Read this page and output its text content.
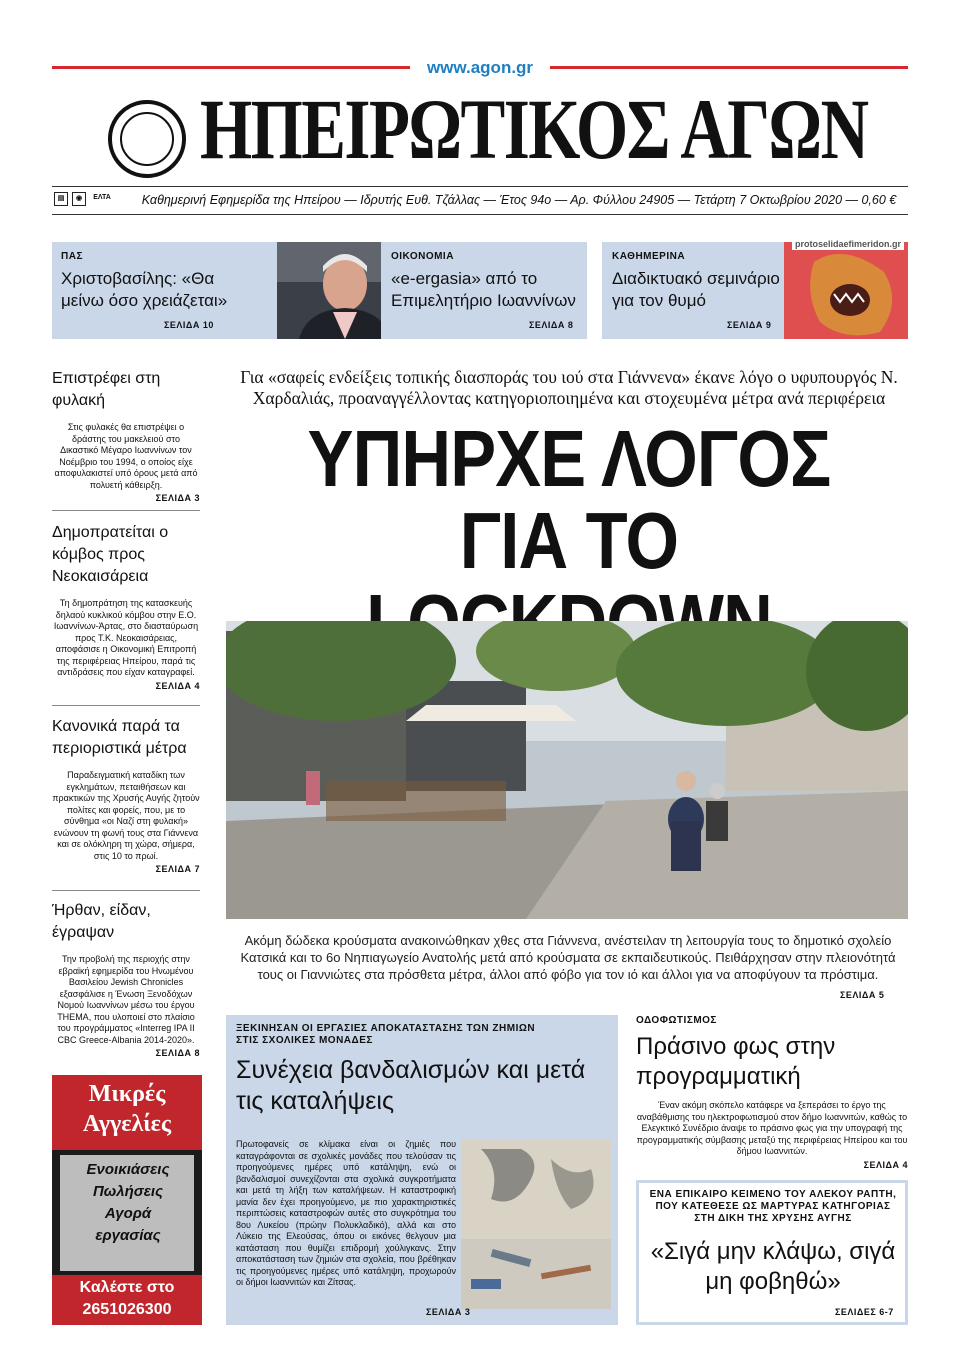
www.agon.gr
ΗΠΕΙΡΩΤΙΚΟΣ ΑΓΩΝ
▤	◉	ΕΛΤΑ	Καθημερινή Εφημερίδα της Ηπείρου — Ιδρυτής Ευθ. Τζάλλας — Έτος 94ο — Αρ. Φύλλου 24905 — Τετάρτη 7 Οκτωβρίου 2020 — 0,60 €
ΠΑΣ
Χριστοβασίλης: «Θα μείνω όσο χρειάζεται»
ΣΕΛΙΔΑ 10
ΟΙΚΟΝΟΜΙΑ
«e-ergasia» από το Επιμελητήριο Ιωαννίνων
ΣΕΛΙΔΑ 8
ΚΑΘΗΜΕΡΙΝΑ
Διαδικτυακό σεμινάριο για τον θυμό
ΣΕΛΙΔΑ 9
protoselidaefimeridon.gr
Επιστρέφει στη φυλακή
Στις φυλακές θα επιστρέψει ο δράστης του μακελειού στο Δικαστικό Μέγαρο Ιωαννίνων τον Νοέμβριο του 1994, ο οποίος είχε αποφυλακιστεί υπό όρους μετά από πολυετή κάθειρξη.
ΣΕΛΙΔΑ 3
Δημοπρατείται ο κόμβος προς Νεοκαισάρεια
Τη δημοπράτηση της κατασκευής δηλαού κυκλικού κόμβου στην Ε.Ο. Ιωαννίνων-Άρτας, στο διασταύρωση προς Τ.Κ. Νεοκαισάρειας, αποφάσισε η Οικονομική Επιτροπή της περιφέρειας Ηπείρου, παρά τις αντιδράσεις που είχαν καταγραφεί.
ΣΕΛΙΔΑ 4
Κανονικά παρά τα περιοριστικά μέτρα
Παραδειγματική καταδίκη των εγκλημάτων, πεταιθήσεων και πρακτικών της Χρυσής Αυγής ζητούν πολίτες και φορείς, που, με το σύνθημα «οι Ναζί στη φυλακή» ενώνουν τη φωνή τους στα Γιάννενα και σε ολόκληρη τη χώρα, σήμερα, στις 10 το πρωί.
ΣΕΛΙΔΑ 7
Ήρθαν, είδαν, έγραψαν
Την προβολή της περιοχής στην εβραϊκή εφημερίδα του Ηνωμένου Βασιλείου Jewish Chronicles εξασφάλισε η Ένωση Ξενοδόχων Νομού Ιωαννίνων μέσω του έργου THEMA, που υλοποιεί στο πλαίσιο του προγράμματος «Interreg IPA II CBC Greece-Albania 2014-2020».
ΣΕΛΙΔΑ 8
Μικρές
Αγγελίες
Ενοικιάσεις
Πωλήσεις
Αγορά
εργασίας
Καλέστε στο
2651026300
Για «σαφείς ενδείξεις τοπικής διασποράς του ιού στα Γιάννενα» έκανε λόγο ο υφυπουργός Ν. Χαρδαλιάς, προαναγγέλλοντας κατηγοριοποιημένα και στοχευμένα μέτρα ανά περιφέρεια
ΥΠΗΡΧΕ ΛΟΓΟΣ
ΓΙΑ ΤΟ
Ακόμη δώδεκα κρούσματα ανακοινώθηκαν χθες στα Γιάννενα, ανέστειλαν τη λειτουργία τους το δημοτικό σχολείο Κατσικά και το 6ο Νηπιαγωγείο Ανατολής μετά από κρούσματα σε εκπαιδευτικούς. Πειθάρχησαν στην πλειονότητά τους οι Γιαννιώτες στα πρόσθετα μέτρα, άλλοι από φόβο για τον ιό και άλλοι για να αποφύγουν τα πρόστιμα.
ΣΕΛΙΔΑ 5
ΞΕΚΙΝΗΣΑΝ ΟΙ ΕΡΓΑΣΙΕΣ ΑΠΟΚΑΤΑΣΤΑΣΗΣ ΤΩΝ ΖΗΜΙΩΝ ΣΤΙΣ ΣΧΟΛΙΚΕΣ ΜΟΝΑΔΕΣ
Συνέχεια βανδαλισμών και μετά τις καταλήψεις
Πρωτοφανείς σε κλίμακα είναι οι ζημιές που καταγράφονται σε σχολικές μονάδες που τελούσαν τις προηγούμενες ημέρες υπό κατάληψη, ενώ οι βανδαλισμοί συνεχίζονται στα σχολικά συγκροτήματα και μετά τη λήξη των καταλήψεων. Η καταστροφική μανία δεν έχει προηγούμενο, με πιο χαρακτηριστικές περιπτώσεις καταστροφών αυτές στο συγκρότημα του 8ου Λυκείου (πρώην Πολυκλαδικό), αλλά και στο Λύκειο της Ελεούσας, όπου οι εικόνες θελγουν μια κατάσταση που θυμίζει επιδρομή χούλιγκανς. Στην αποκατάσταση των ζημιών στα σχολεία, που βρέθηκαν τις προηγούμενες ημέρες υπό κατάληψη, προχωρούν οι δήμοι Ιωαννιτών και Ζίτσας.
ΣΕΛΙΔΑ 3
ΟΔΟΦΩΤΙΣΜΟΣ
Πράσινο φως στην προγραμματική
Έναν ακόμη σκόπελο κατάφερε να ξεπεράσει το έργο της αναβάθμισης του ηλεκτροφωτισμού στον δήμο Ιωαννιτών, καθώς το Ελεγκτικό Συνέδριο άναψε το πράσινο φως για την υπογραφή της προγραμματικής σύμβασης μεταξύ της περιφέρειας Ηπείρου και του δήμου Ιωαννιτών.
ΣΕΛΙΔΑ 4
ΕΝΑ ΕΠΙΚΑΙΡΟ ΚΕΙΜΕΝΟ ΤΟΥ ΑΛΕΚΟΥ ΡΑΠΤΗ, ΠΟΥ ΚΑΤΕΘΕΣΕ ΩΣ ΜΑΡΤΥΡΑΣ ΚΑΤΗΓΟΡΙΑΣ ΣΤΗ ΔΙΚΗ ΤΗΣ ΧΡΥΣΗΣ ΑΥΓΗΣ
«Σιγά μην κλάψω, σιγά μη φοβηθώ»
ΣΕΛΙΔΕΣ 6-7
